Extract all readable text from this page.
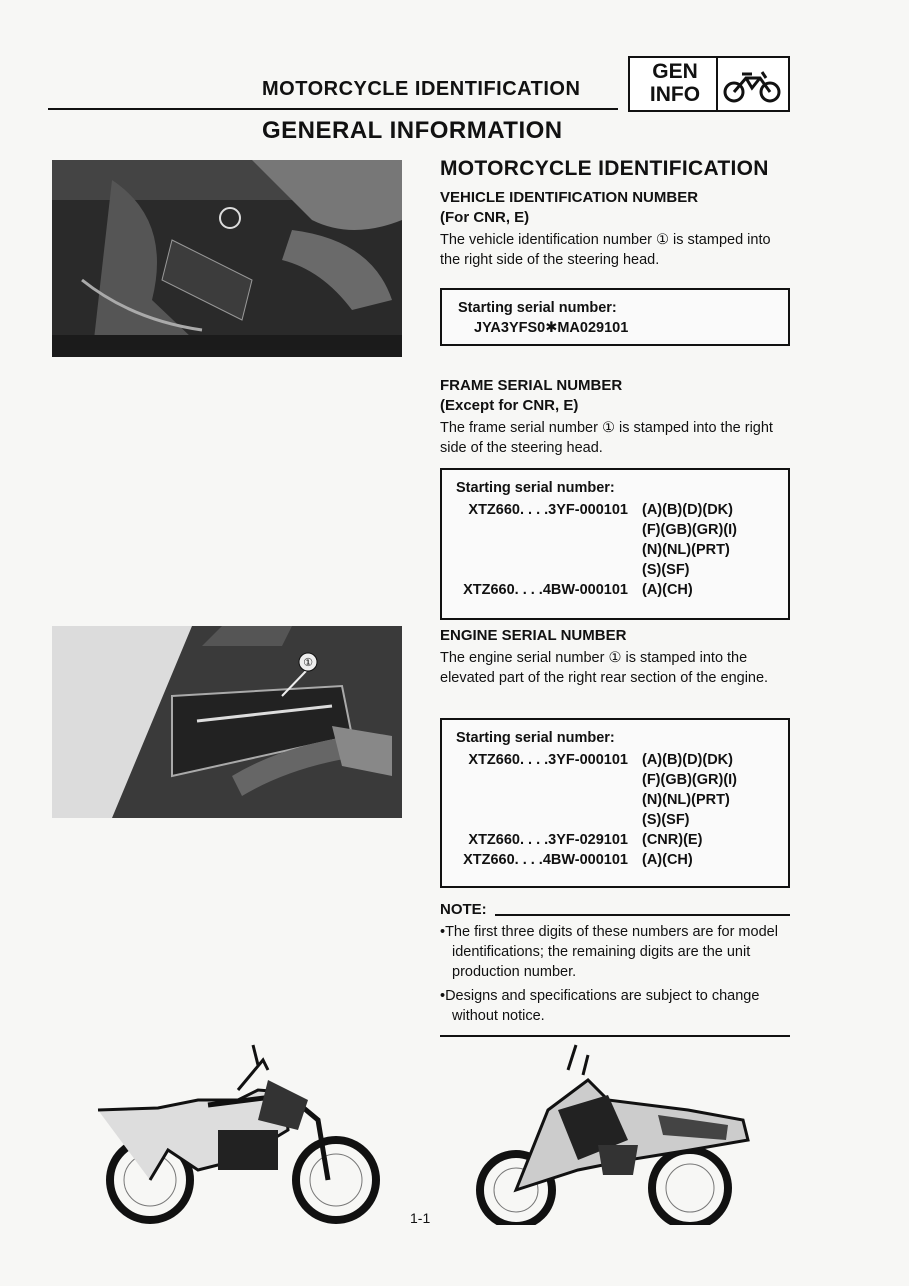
MOTORCYCLE IDENTIFICATION
GEN
INFO
GENERAL INFORMATION
①
MOTORCYCLE IDENTIFICATION
VEHICLE IDENTIFICATION NUMBER
(For CNR, E)
The vehicle identification number ① is stamped into the right side of the steering head.
Starting serial number:
JYA3YFS0✱MA029101
FRAME SERIAL NUMBER
(Except for CNR, E)
The frame serial number ① is stamped into the right side of the steering head.
Starting serial number:
XTZ660. . . .3YF-000101 (A)(B)(D)(DK)
(F)(GB)(GR)(I)
(N)(NL)(PRT)
(S)(SF)
XTZ660. . . .4BW-000101 (A)(CH)
ENGINE SERIAL NUMBER
The engine serial number ① is stamped into the elevated part of the right rear section of the engine.
Starting serial number:
XTZ660. . . .3YF-000101 (A)(B)(D)(DK)
(F)(GB)(GR)(I)
(N)(NL)(PRT)
(S)(SF)
XTZ660. . . .3YF-029101 (CNR)(E)
XTZ660. . . .4BW-000101 (A)(CH)
NOTE:
•The first three digits of these numbers are for model identifications; the remaining digits are the unit production number.
•Designs and specifications are subject to change without notice.
1-1
